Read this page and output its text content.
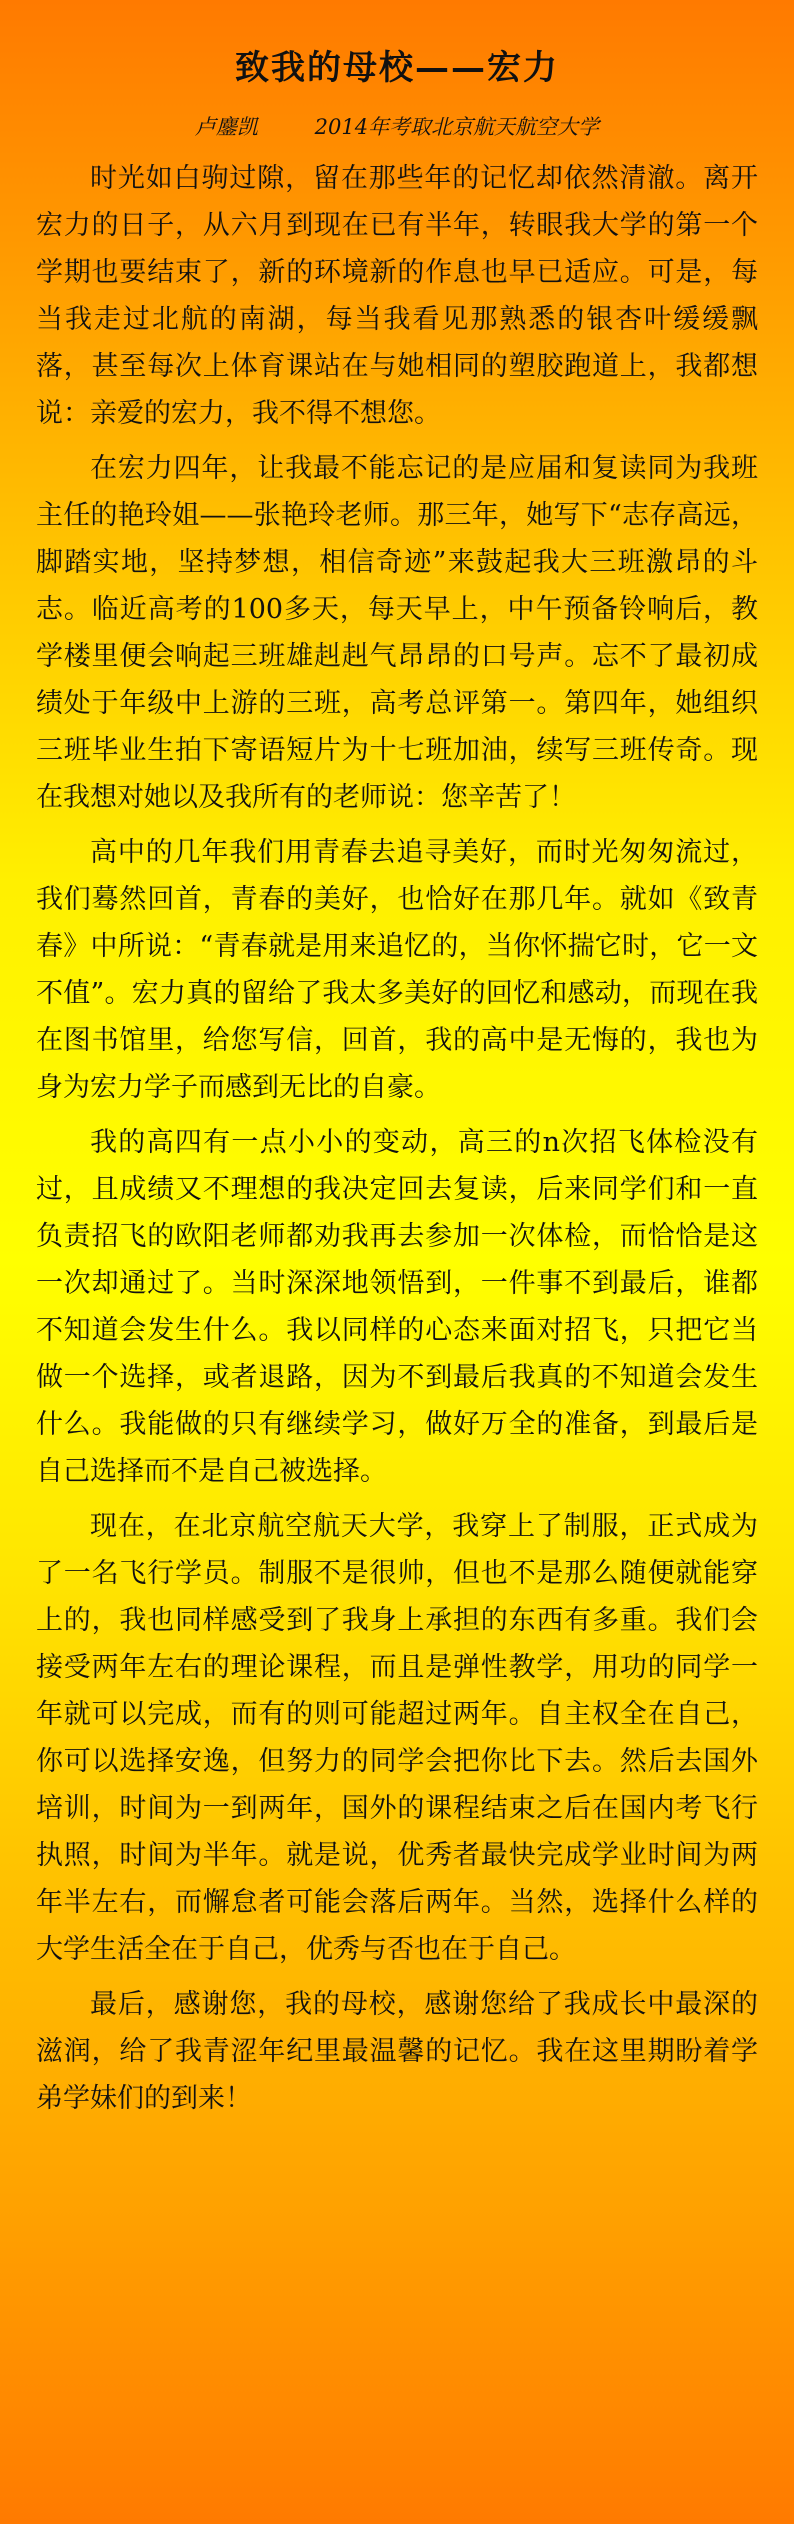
致我的母校——宏力
卢鏖凯	2014年考取北京航天航空大学

时光如白驹过隙，留在那些年的记忆却依然清澈。离开宏力的日子，从六月到现在已有半年，转眼我大学的第一个学期也要结束了，新的环境新的作息也早已适应。可是，每当我走过北航的南湖，每当我看见那熟悉的银杏叶缓缓飘落，甚至每次上体育课站在与她相同的塑胶跑道上，我都想说：亲爱的宏力，我不得不想您。

在宏力四年，让我最不能忘记的是应届和复读同为我班主任的艳玲姐——张艳玲老师。那三年，她写下“志存高远，脚踏实地，坚持梦想，相信奇迹”来鼓起我大三班激昂的斗志。临近高考的100多天，每天早上，中午预备铃响后，教学楼里便会响起三班雄赳赳气昂昂的口号声。忘不了最初成绩处于年级中上游的三班，高考总评第一。第四年，她组织三班毕业生拍下寄语短片为十七班加油，续写三班传奇。现在我想对她以及我所有的老师说：您辛苦了！

高中的几年我们用青春去追寻美好，而时光匆匆流过，我们蓦然回首，青春的美好，也恰好在那几年。就如《致青春》中所说：“青春就是用来追忆的，当你怀揣它时，它一文不值”。宏力真的留给了我太多美好的回忆和感动，而现在我在图书馆里，给您写信，回首，我的高中是无悔的，我也为身为宏力学子而感到无比的自豪。

我的高四有一点小小的变动，高三的n次招飞体检没有过，且成绩又不理想的我决定回去复读，后来同学们和一直负责招飞的欧阳老师都劝我再去参加一次体检，而恰恰是这一次却通过了。当时深深地领悟到，一件事不到最后，谁都不知道会发生什么。我以同样的心态来面对招飞，只把它当做一个选择，或者退路，因为不到最后我真的不知道会发生什么。我能做的只有继续学习，做好万全的准备，到最后是自己选择而不是自己被选择。

现在，在北京航空航天大学，我穿上了制服，正式成为了一名飞行学员。制服不是很帅，但也不是那么随便就能穿上的，我也同样感受到了我身上承担的东西有多重。我们会接受两年左右的理论课程，而且是弹性教学，用功的同学一年就可以完成，而有的则可能超过两年。自主权全在自己，你可以选择安逸，但努力的同学会把你比下去。然后去国外培训，时间为一到两年，国外的课程结束之后在国内考飞行执照，时间为半年。就是说，优秀者最快完成学业时间为两年半左右，而懈怠者可能会落后两年。当然，选择什么样的大学生活全在于自己，优秀与否也在于自己。

最后，感谢您，我的母校，感谢您给了我成长中最深的滋润，给了我青涩年纪里最温馨的记忆。我在这里期盼着学弟学妹们的到来！
